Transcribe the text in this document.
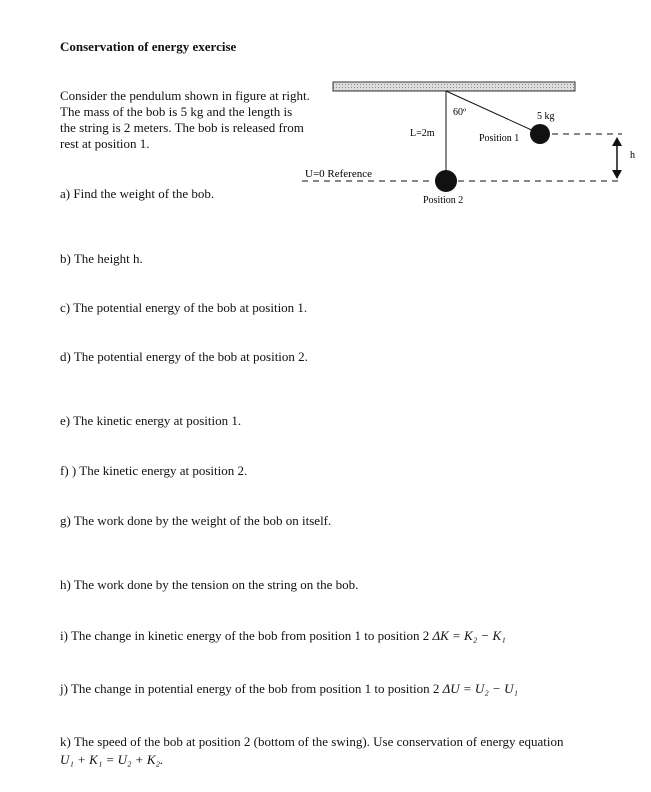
Conservation of energy exercise
Consider the pendulum shown in figure at right. The mass of the bob is 5 kg and the length is the string is 2 meters. The bob is released from rest at position 1.
60º
L=2m
5 kg
Position 1
Position 2
U=0 Reference
h
a) Find the weight of the bob.
b) The height h.
c) The potential energy of the bob at position 1.
d) The potential energy of the bob at position 2.
e) The kinetic energy at position 1.
f) ) The kinetic energy at position 2.
g) The work done by the weight of the bob on itself.
h) The work done by the tension on the string on the bob.
i) The change in kinetic energy of the bob from position 1 to position 2 ΔK = K₂ − K₁
j) The change in potential energy of the bob from position 1 to position 2 ΔU = U₂ − U₁
k) The speed of the bob at position 2 (bottom of the swing). Use conservation of energy equation U₁ + K₁ = U₂ + K₂.
